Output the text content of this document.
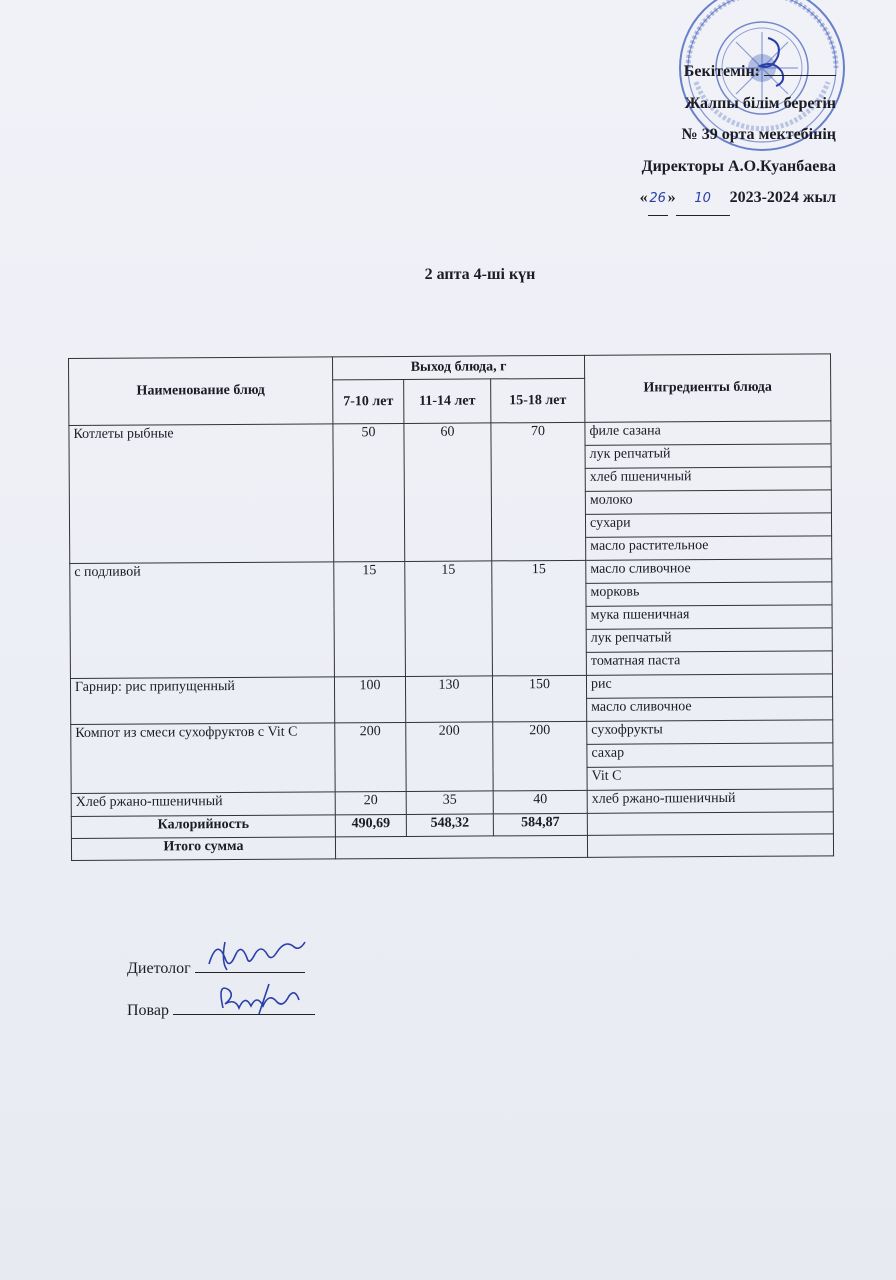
Бекітемін:
Жалпы білім беретін
№ 39 орта мектебінің
Директоры А.О.Куанбаева
« 26 » 10 2023-2024 жыл
2 апта 4-ші күн
Наименование блюд	Выход блюда, г			Ингредиенты блюда
	7-10 лет	11-14 лет	15-18 лет	
Котлеты рыбные	50	60	70	филе сазана
				лук репчатый
				хлеб пшеничный
				молоко
				сухари
				масло растительное
с подливой	15	15	15	масло сливочное
				морковь
				мука пшеничная
				лук репчатый
				томатная паста
Гарнир: рис припущенный	100	130	150	рис
				масло сливочное
Компот из смеси сухофруктов с Vit C	200	200	200	сухофрукты
				сахар
				Vit C
Хлеб ржано-пшеничный	20	35	40	хлеб ржано-пшеничный
Калорийность	490,69	548,32	584,87	
Итого сумма				
Диетолог
Повар
